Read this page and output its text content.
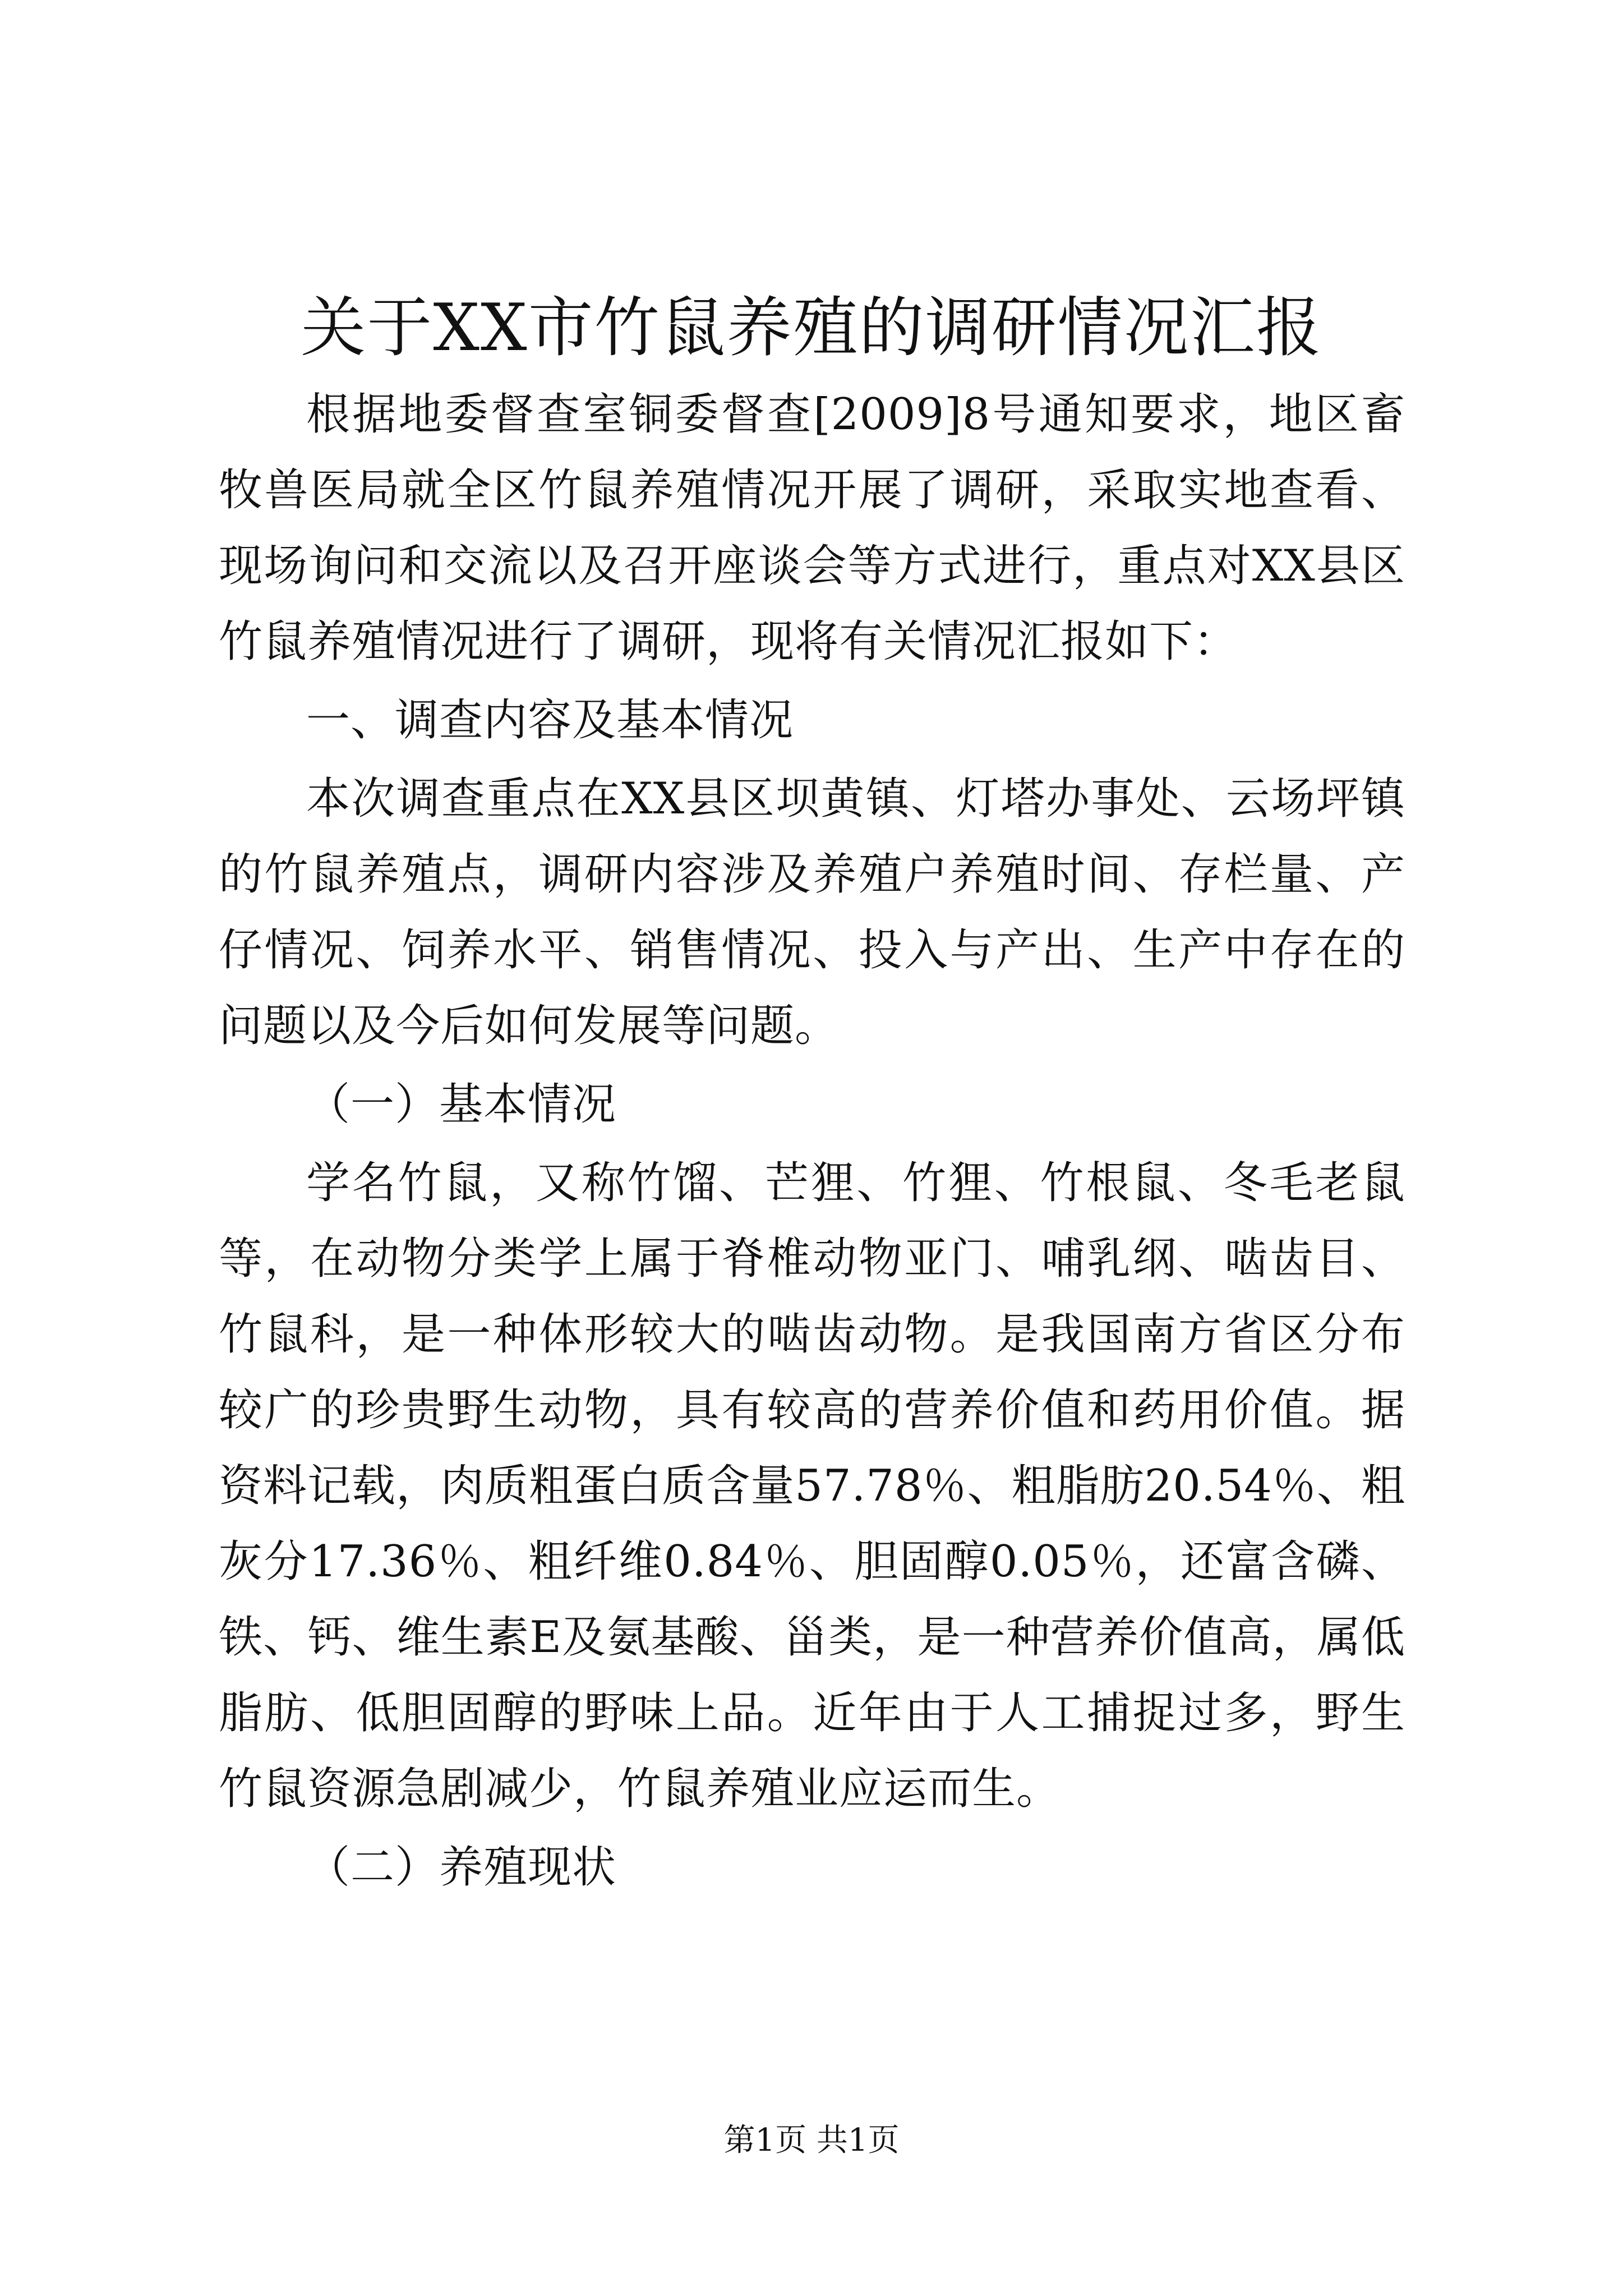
关于XX市竹鼠养殖的调研情况汇报

根据地委督查室铜委督查[2009]8号通知要求，地区畜牧兽医局就全区竹鼠养殖情况开展了调研，采取实地查看、现场询问和交流以及召开座谈会等方式进行，重点对XX县区竹鼠养殖情况进行了调研，现将有关情况汇报如下：

一、调查内容及基本情况

本次调查重点在XX县区坝黄镇、灯塔办事处、云场坪镇的竹鼠养殖点，调研内容涉及养殖户养殖时间、存栏量、产仔情况、饲养水平、销售情况、投入与产出、生产中存在的问题以及今后如何发展等问题。

（一）基本情况

学名竹鼠，又称竹馏、芒狸、竹狸、竹根鼠、冬毛老鼠等，在动物分类学上属于脊椎动物亚门、哺乳纲、啮齿目、竹鼠科，是一种体形较大的啮齿动物。是我国南方省区分布较广的珍贵野生动物，具有较高的营养价值和药用价值。据资料记载，肉质粗蛋白质含量57.78％、粗脂肪20.54％、粗灰分17.36％、粗纤维0.84％、胆固醇0.05％，还富含磷、铁、钙、维生素E及氨基酸、甾类，是一种营养价值高，属低脂肪、低胆固醇的野味上品。近年由于人工捕捉过多，野生竹鼠资源急剧减少，竹鼠养殖业应运而生。

（二）养殖现状

第1页 共1页
